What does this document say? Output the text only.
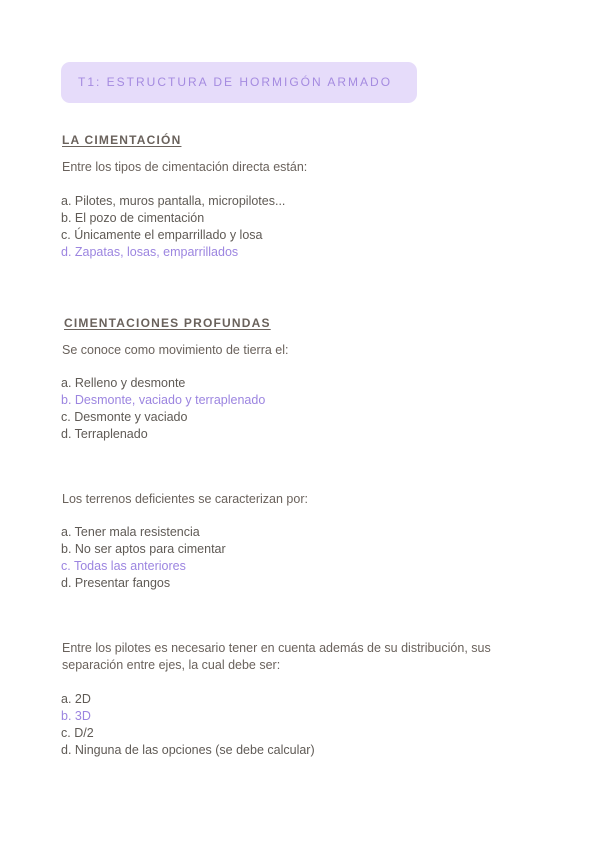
T1: ESTRUCTURA DE HORMIGÓN ARMADO
LA CIMENTACIÓN
Entre los tipos de cimentación directa están:
a. Pilotes, muros pantalla, micropilotes...
b. El pozo de cimentación
c. Únicamente el emparrillado y losa
d. Zapatas, losas, emparrillados
CIMENTACIONES PROFUNDAS
Se conoce como movimiento de tierra el:
a. Relleno y desmonte
b. Desmonte, vaciado y terraplenado
c. Desmonte y vaciado
d. Terraplenado
Los terrenos deficientes se caracterizan por:
a. Tener mala resistencia
b. No ser aptos para cimentar
c. Todas las anteriores
d. Presentar fangos
Entre los pilotes es necesario tener en cuenta además de su distribución, sus separación entre ejes, la cual debe ser:
a. 2D
b. 3D
c. D/2
d. Ninguna de las opciones (se debe calcular)
